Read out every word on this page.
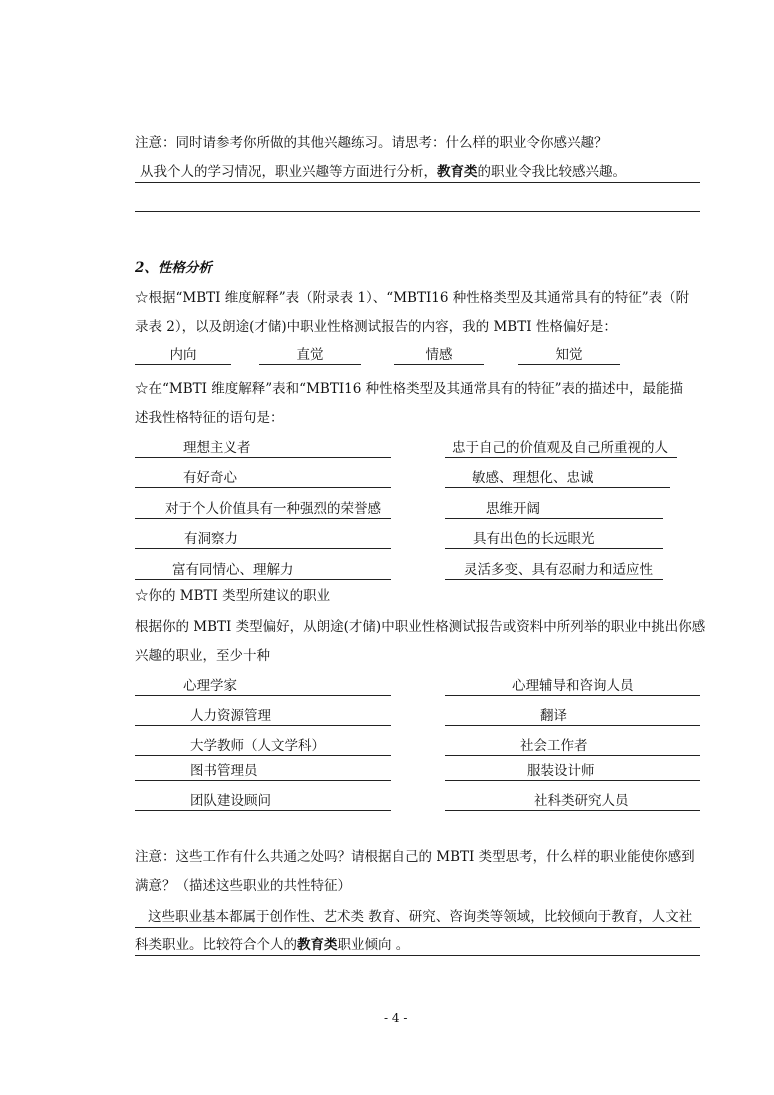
注意：同时请参考你所做的其他兴趣练习。请思考：什么样的职业令你感兴趣？
从我个人的学习情况，职业兴趣等方面进行分析，教育类的职业令我比较感兴趣。
2、性格分析
☆根据“MBTI 维度解释”表（附录表 1）、“MBTI16 种性格类型及其通常具有的特征”表（附
录表 2），以及朗途(才储)中职业性格测试报告的内容，我的 MBTI 性格偏好是：
内向	直觉	情感	知觉
☆在“MBTI 维度解释”表和“MBTI16 种性格类型及其通常具有的特征”表的描述中，最能描
述我性格特征的语句是：
理想主义者	忠于自己的价值观及自己所重视的人
有好奇心	敏感、理想化、忠诚
对于个人价值具有一种强烈的荣誉感	思维开阔
有洞察力	具有出色的长远眼光
富有同情心、理解力	灵活多变、具有忍耐力和适应性
☆你的 MBTI 类型所建议的职业
根据你的 MBTI 类型偏好，从朗途(才储)中职业性格测试报告或资料中所列举的职业中挑出你感
兴趣的职业，至少十种
心理学家	心理辅导和咨询人员
人力资源管理	翻译
大学教师（人文学科）	社会工作者
图书管理员	服装设计师
团队建设顾问	社科类研究人员
注意：这些工作有什么共通之处吗？请根据自己的 MBTI 类型思考，什么样的职业能使你感到
满意？（描述这些职业的共性特征）
这些职业基本都属于创作性、艺术类 教育、研究、咨询类等领域，比较倾向于教育，人文社
科类职业。比较符合个人的教育类职业倾向 。
- 4 -
